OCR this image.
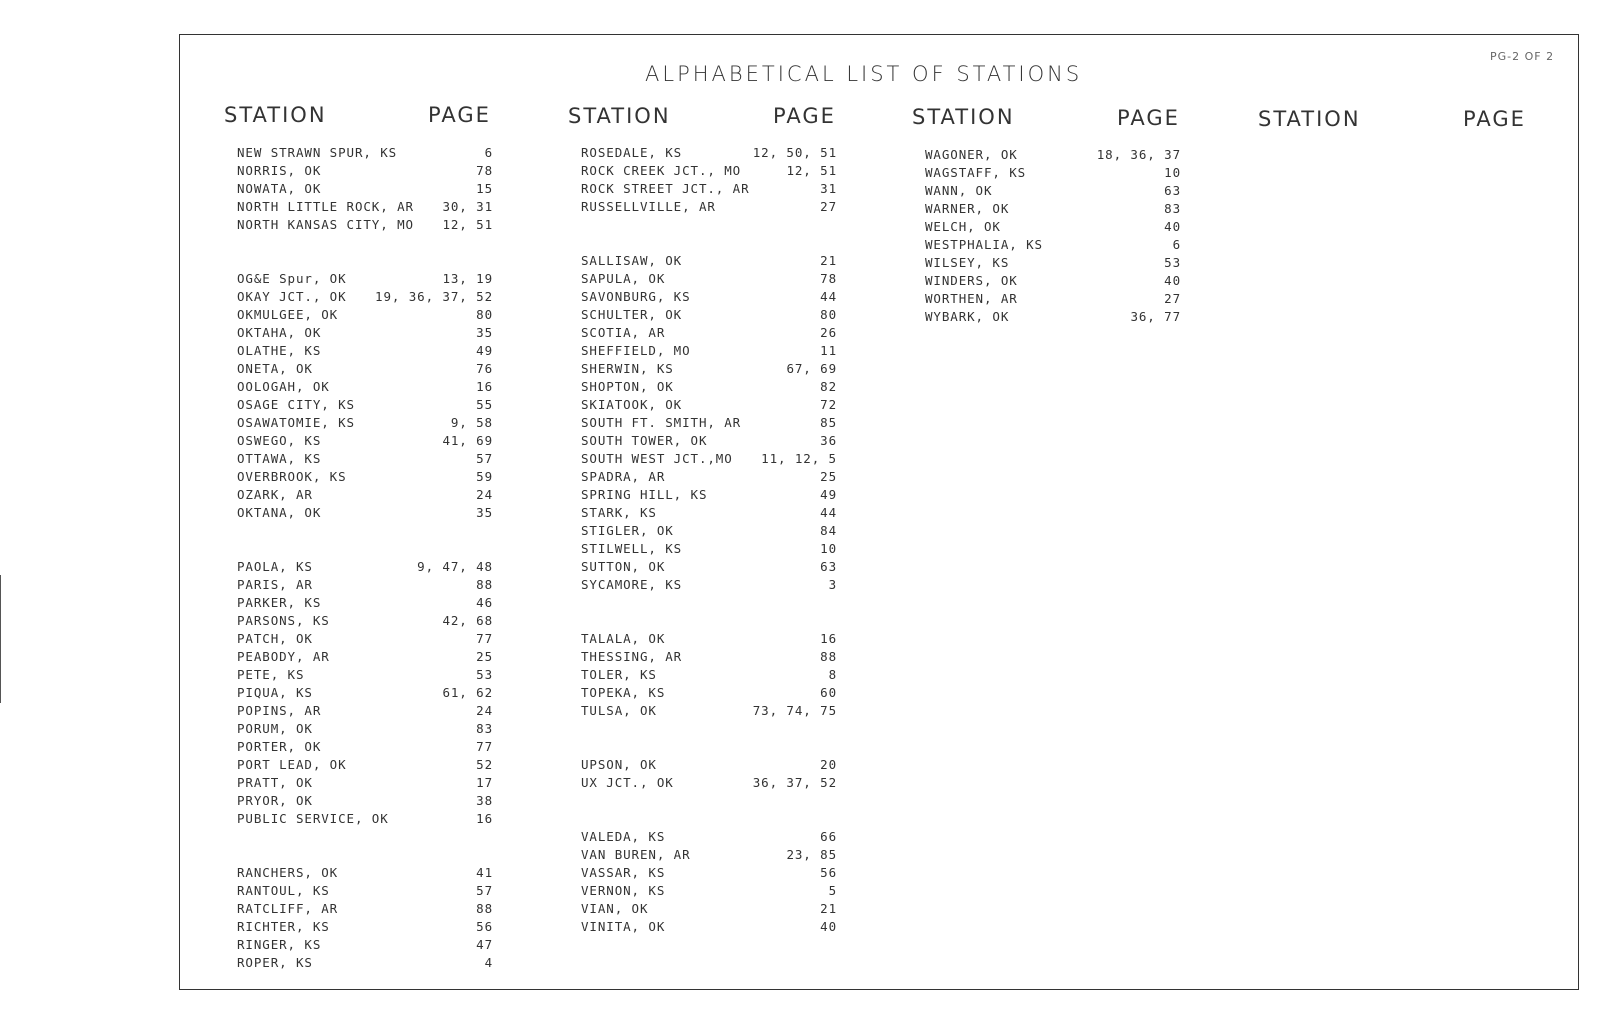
PG-2 OF 2
ALPHABETICAL LIST OF STATIONS
STATION	PAGE	STATION	PAGE	STATION	PAGE	STATION	PAGE
NEW STRAWN SPUR, KS	6
NORRIS, OK	78
NOWATA, OK	15
NORTH LITTLE ROCK, AR 30, 31
NORTH KANSAS CITY, MO 12, 51
OG&E Spur, OK	13, 19
OKAY JCT., OK 19, 36, 37, 52
OKMULGEE, OK	80
OKTAHA, OK	35
OLATHE, KS	49
ONETA, OK	76
OOLOGAH, OK	16
OSAGE CITY, KS	55
OSAWATOMIE, KS	9, 58
OSWEGO, KS	41, 69
OTTAWA, KS	57
OVERBROOK, KS	59
OZARK, AR	24
OKTANA, OK	35
PAOLA, KS	9, 47, 48
PARIS, AR	88
PARKER, KS	46
PARSONS, KS	42, 68
PATCH, OK	77
PEABODY, AR	25
PETE, KS	53
PIQUA, KS	61, 62
POPINS, AR	24
PORUM, OK	83
PORTER, OK	77
PORT LEAD, OK	52
PRATT, OK	17
PRYOR, OK	38
PUBLIC SERVICE, OK	16
RANCHERS, OK	41
RANTOUL, KS	57
RATCLIFF, AR	88
RICHTER, KS	56
RINGER, KS	47
ROPER, KS	4
ROSEDALE, KS	12, 50, 51
ROCK CREEK JCT., MO	12, 51
ROCK STREET JCT., AR	31
RUSSELLVILLE, AR	27
SALLISAW, OK	21
SAPULA, OK	78
SAVONBURG, KS	44
SCHULTER, OK	80
SCOTIA, AR	26
SHEFFIELD, MO	11
SHERWIN, KS	67, 69
SHOPTON, OK	82
SKIATOOK, OK	72
SOUTH FT. SMITH, AR	85
SOUTH TOWER, OK	36
SOUTH WEST JCT.,MO 11, 12, 5
SPADRA, AR	25
SPRING HILL, KS	49
STARK, KS	44
STIGLER, OK	84
STILWELL, KS	10
SUTTON, OK	63
SYCAMORE, KS	3
TALALA, OK	16
THESSING, AR	88
TOLER, KS	8
TOPEKA, KS	60
TULSA, OK	73, 74, 75
UPSON, OK	20
UX JCT., OK	36, 37, 52
VALEDA, KS	66
VAN BUREN, AR	23, 85
VASSAR, KS	56
VERNON, KS	5
VIAN, OK	21
VINITA, OK	40
WAGONER, OK	18, 36, 37
WAGSTAFF, KS	10
WANN, OK	63
WARNER, OK	83
WELCH, OK	40
WESTPHALIA, KS	6
WILSEY, KS	53
WINDERS, OK	40
WORTHEN, AR	27
WYBARK, OK	36, 77
